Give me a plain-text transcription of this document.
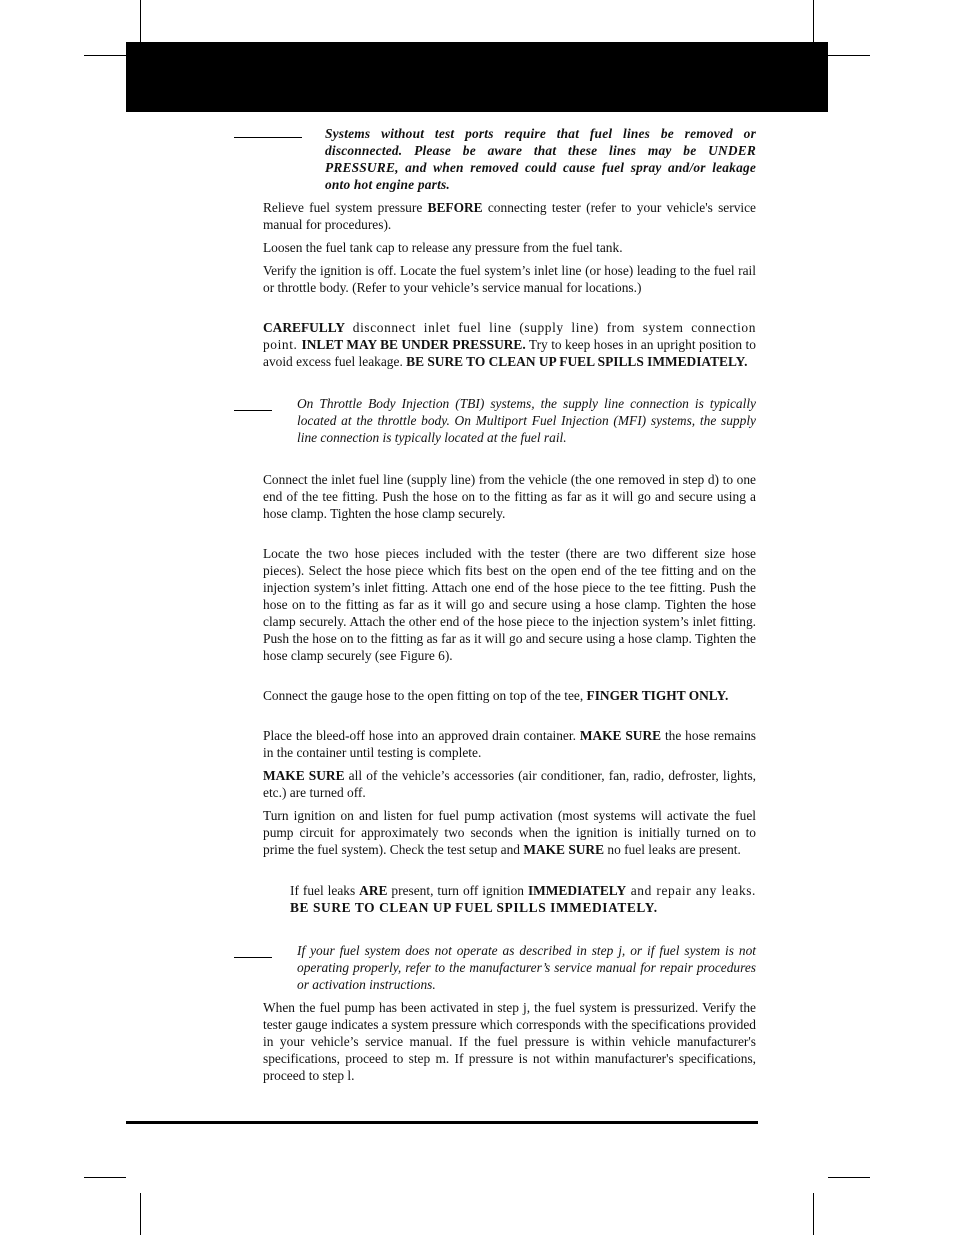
Systems without test ports require that fuel lines be removed or disconnected. Please be aware that these lines may be UNDER PRESSURE, and when removed could cause fuel spray and/or leakage onto hot engine parts.

Relieve fuel system pressure BEFORE connecting tester (refer to your vehicle's service manual for procedures).

Loosen the fuel tank cap to release any pressure from the fuel tank.

Verify the ignition is off. Locate the fuel system’s inlet line (or hose) leading to the fuel rail or throttle body. (Refer to your vehicle’s service manual for locations.)

CAREFULLY disconnect inlet fuel line (supply line) from system connection point. INLET MAY BE UNDER PRESSURE. Try to keep hoses in an upright position to avoid excess fuel leakage. BE SURE TO CLEAN UP FUEL SPILLS IMMEDIATELY.

On Throttle Body Injection (TBI) systems, the supply line connection is typically located at the throttle body. On Multiport Fuel Injection (MFI) systems, the supply line connection is typically located at the fuel rail.

Connect the inlet fuel line (supply line) from the vehicle (the one removed in step d) to one end of the tee fitting. Push the hose on to the fitting as far as it will go and secure using a hose clamp. Tighten the hose clamp securely.

Locate the two hose pieces included with the tester (there are two different size hose pieces). Select the hose piece which fits best on the open end of the tee fitting and on the injection system’s inlet fitting. Attach one end of the hose piece to the tee fitting. Push the hose on to the fitting as far as it will go and secure using a hose clamp. Tighten the hose clamp securely. Attach the other end of the hose piece to the injection system’s inlet fitting. Push the hose on to the fitting as far as it will go and secure using a hose clamp. Tighten the hose clamp securely (see Figure 6).

Connect the gauge hose to the open fitting on top of the tee, FINGER TIGHT ONLY.

Place the bleed-off hose into an approved drain container. MAKE SURE the hose remains in the container until testing is complete.

MAKE SURE all of the vehicle’s accessories (air conditioner, fan, radio, defroster, lights, etc.) are turned off.

Turn ignition on and listen for fuel pump activation (most systems will activate the fuel pump circuit for approximately two seconds when the ignition is initially turned on to prime the fuel system). Check the test setup and MAKE SURE no fuel leaks are present.

If fuel leaks ARE present, turn off ignition IMMEDIATELY and repair any leaks. BE SURE TO CLEAN UP FUEL SPILLS IMMEDIATELY.

If your fuel system does not operate as described in step j, or if fuel system is not operating properly, refer to the manufacturer’s service manual for repair procedures or activation instructions.

When the fuel pump has been activated in step j, the fuel system is pressurized. Verify the tester gauge indicates a system pressure which corresponds with the specifications provided in your vehicle’s service manual. If the fuel pressure is within vehicle manufacturer's specifications, proceed to step m. If pressure is not within manufacturer's specifications, proceed to step l.
